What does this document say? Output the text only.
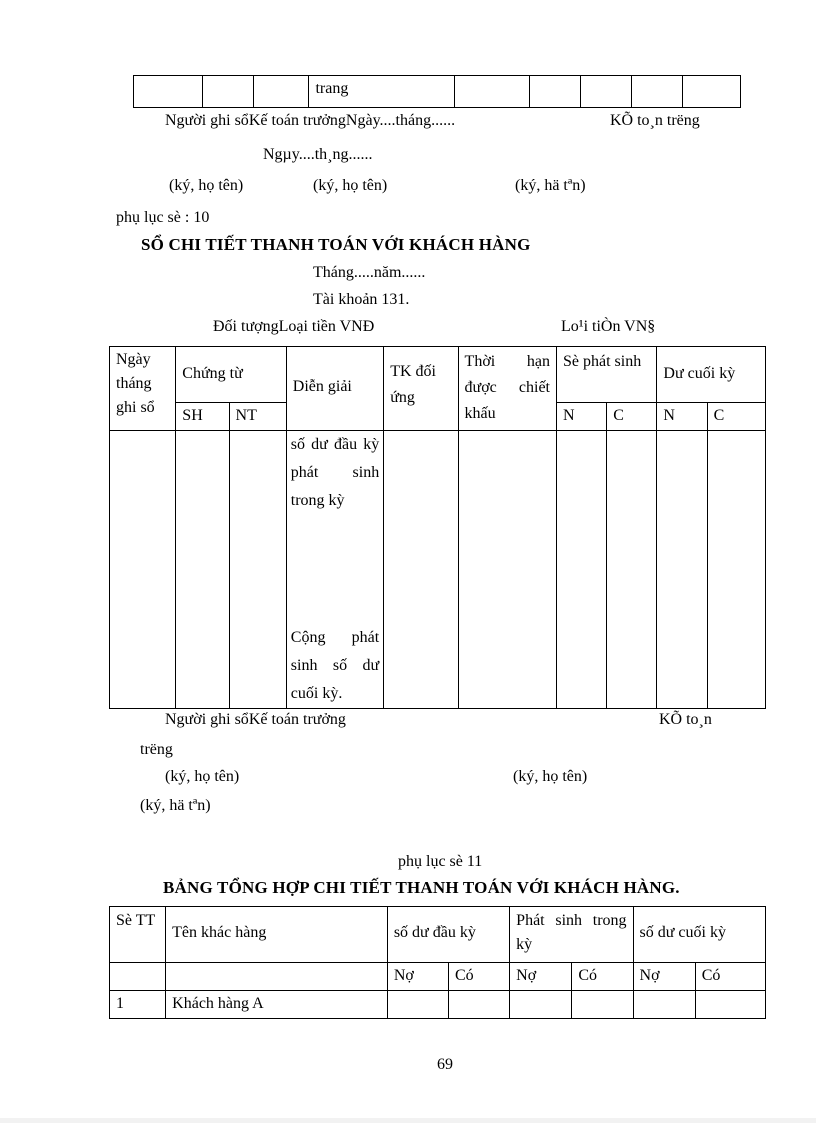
			trang					
Người ghi sổKế toán trưởngNgày....tháng......	KÕ to¸n trëng
Ngµy....th¸ng......
(ký, họ tên)	(ký, họ tên)	(ký, hä tªn)
phụ lục sè : 10
SỔ CHI TIẾT THANH TOÁN VỚI KHÁCH HÀNG
Tháng.....năm......
Tài khoản 131.
Đối tượngLoại tiền VNĐ	Lo¹i tiÒn VN§
Ngày tháng ghi sổ	Chứng từ		Diễn giải	TK đối ứng	Thời hạn được chiết khấu	Sè phát sinh		Dư cuối kỳ	
	SH	NT				N	C	N	C

			số dư đầu kỳ phát sinh trong kỳ
Cộng phát sinh số dư cuối kỳ.						

Người ghi sổKế toán trưởng	KÕ to¸n
trëng
(ký, họ tên)	(ký, họ tên)
(ký, hä tªn)
phụ lục sè 11
BẢNG TỔNG HỢP CHI TIẾT THANH TOÁN VỚI KHÁCH HÀNG.
Sè TT	Tên khác hàng	số dư đầu kỳ		Phát sinh trong kỳ		số dư cuối kỳ	
		Nợ	Có	Nợ	Có	Nợ	Có
1	Khách hàng A						
69
